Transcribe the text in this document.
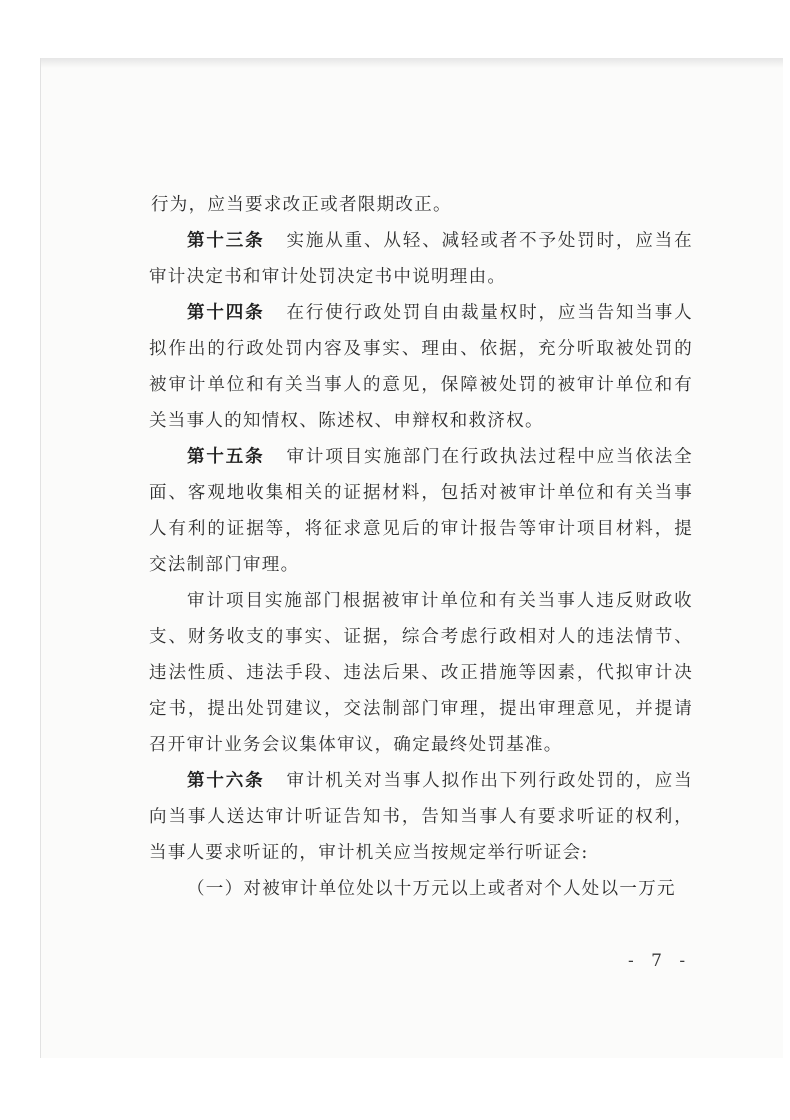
行为，应当要求改正或者限期改正。

第十三条 实施从重、从轻、减轻或者不予处罚时，应当在审计决定书和审计处罚决定书中说明理由。

第十四条 在行使行政处罚自由裁量权时，应当告知当事人拟作出的行政处罚内容及事实、理由、依据，充分听取被处罚的被审计单位和有关当事人的意见，保障被处罚的被审计单位和有关当事人的知情权、陈述权、申辩权和救济权。

第十五条 审计项目实施部门在行政执法过程中应当依法全面、客观地收集相关的证据材料，包括对被审计单位和有关当事人有利的证据等，将征求意见后的审计报告等审计项目材料，提交法制部门审理。

审计项目实施部门根据被审计单位和有关当事人违反财政收支、财务收支的事实、证据，综合考虑行政相对人的违法情节、违法性质、违法手段、违法后果、改正措施等因素，代拟审计决定书，提出处罚建议，交法制部门审理，提出审理意见，并提请召开审计业务会议集体审议，确定最终处罚基准。

第十六条 审计机关对当事人拟作出下列行政处罚的，应当向当事人送达审计听证告知书，告知当事人有要求听证的权利，当事人要求听证的，审计机关应当按规定举行听证会:

（一）对被审计单位处以十万元以上或者对个人处以一万元

- 7 -
